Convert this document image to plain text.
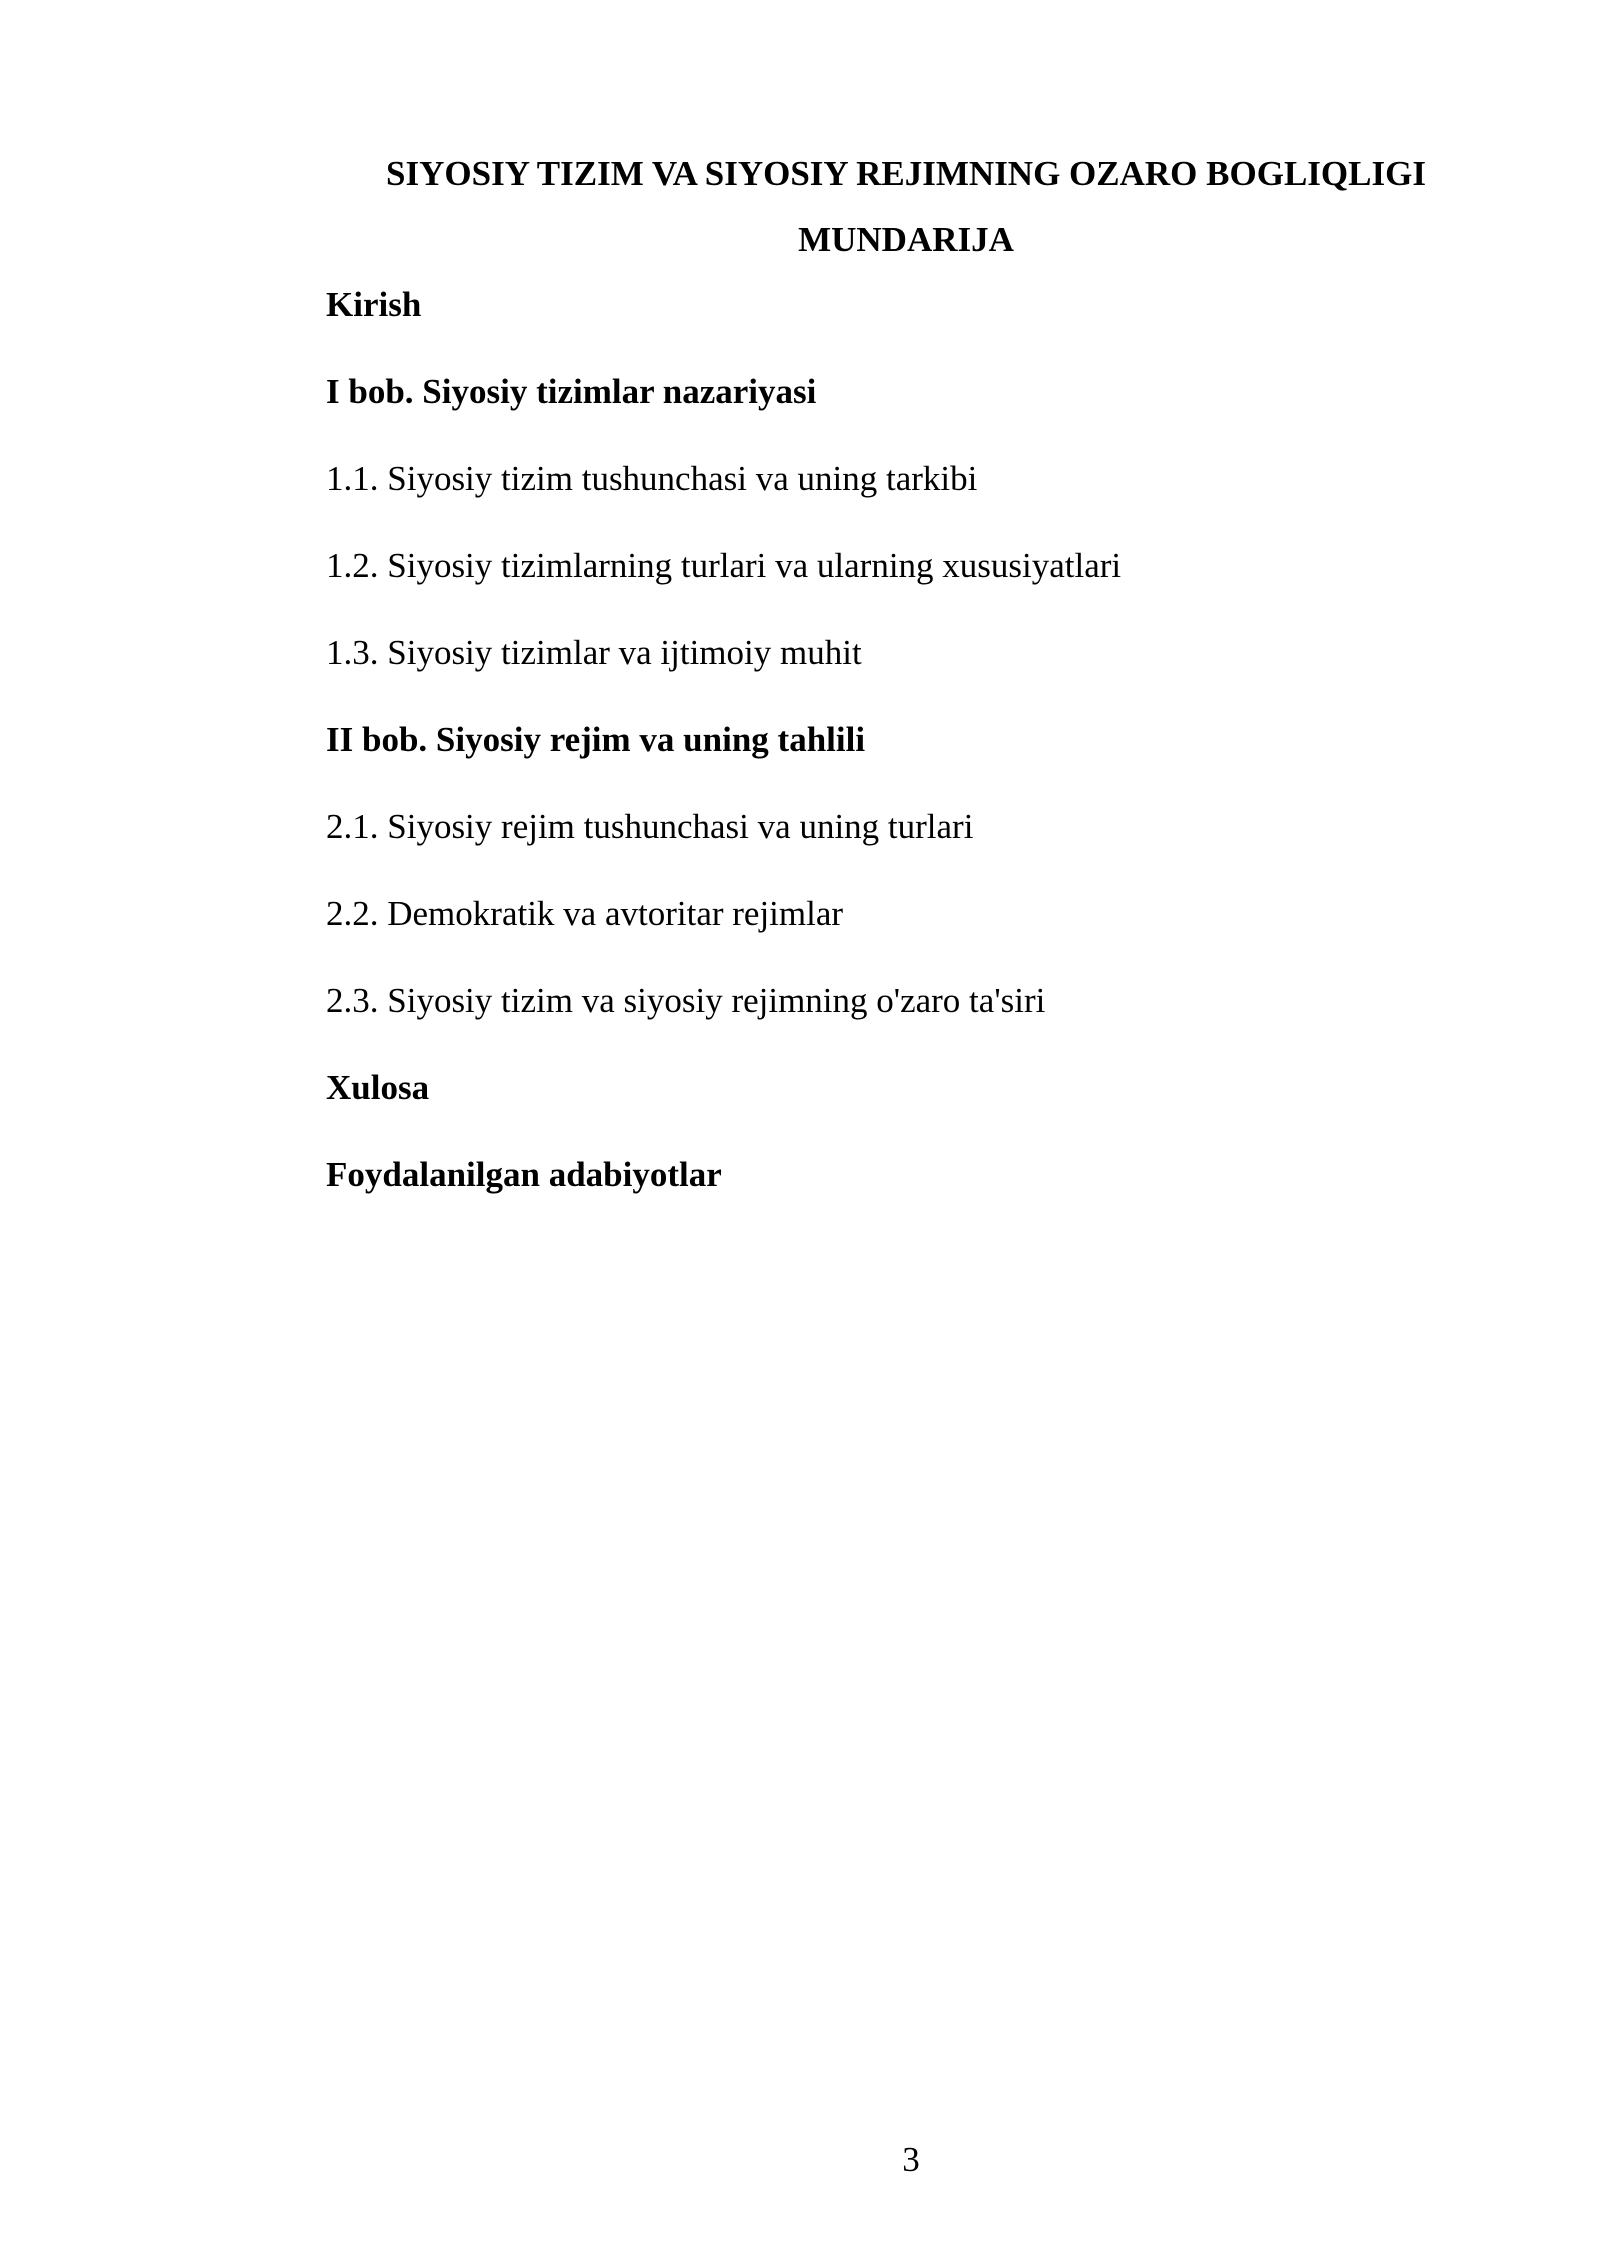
SIYOSIY TIZIM VA SIYOSIY REJIMNING OZARO BOGLIQLIGI
MUNDARIJA

Kirish

I bob. Siyosiy tizimlar nazariyasi

1.1. Siyosiy tizim tushunchasi va uning tarkibi

1.2. Siyosiy tizimlarning turlari va ularning xususiyatlari

1.3. Siyosiy tizimlar va ijtimoiy muhit

II bob. Siyosiy rejim va uning tahlili

2.1. Siyosiy rejim tushunchasi va uning turlari

2.2. Demokratik va avtoritar rejimlar

2.3. Siyosiy tizim va siyosiy rejimning o'zaro ta'siri

Xulosa

Foydalanilgan adabiyotlar

3
